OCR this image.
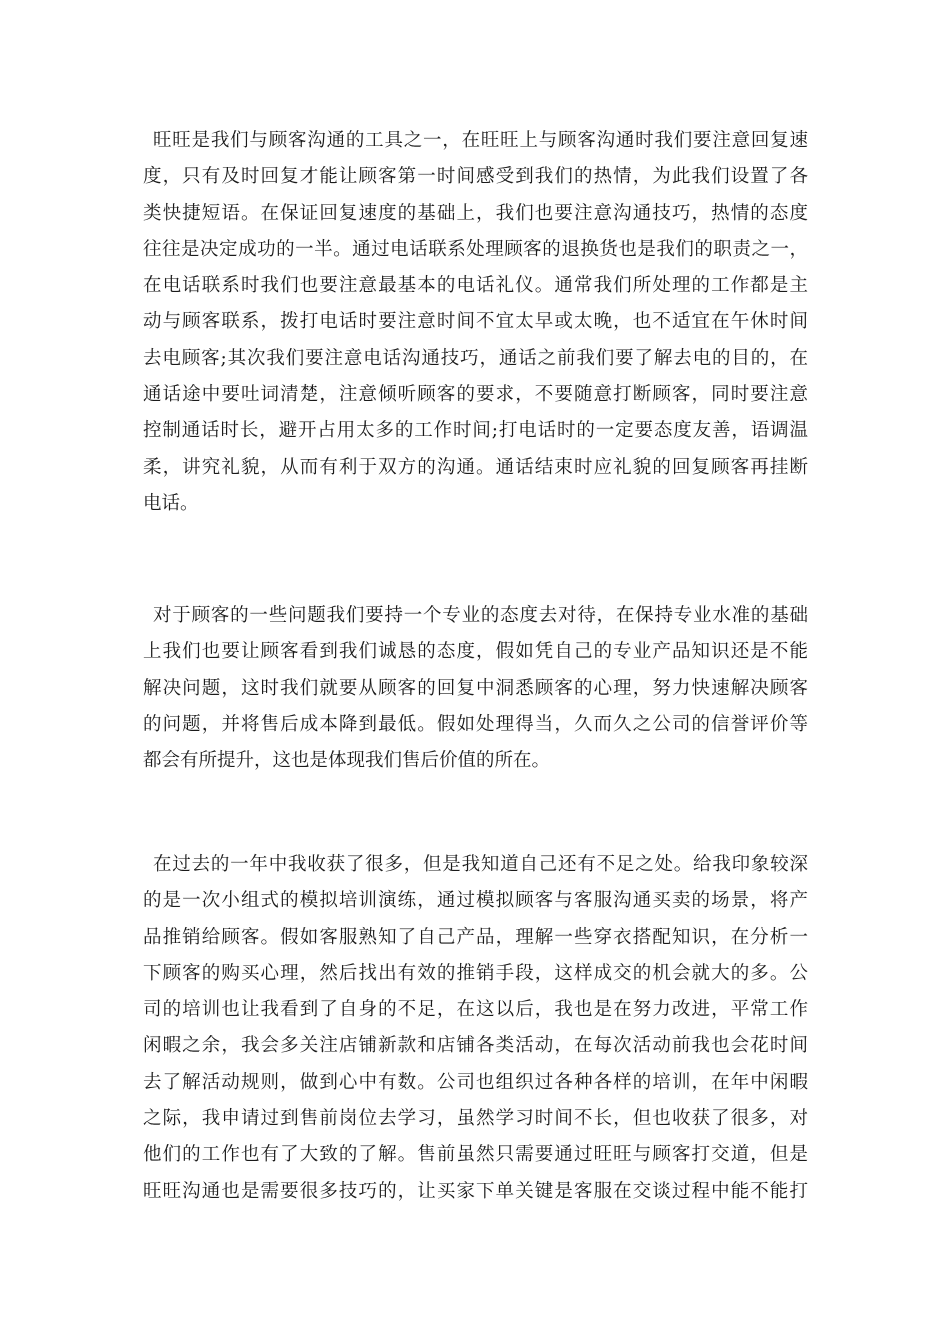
旺旺是我们与顾客沟通的工具之一，在旺旺上与顾客沟通时我们要注意回复速
度，只有及时回复才能让顾客第一时间感受到我们的热情，为此我们设置了各
类快捷短语。在保证回复速度的基础上，我们也要注意沟通技巧，热情的态度
往往是决定成功的一半。通过电话联系处理顾客的退换货也是我们的职责之一，
在电话联系时我们也要注意最基本的电话礼仪。通常我们所处理的工作都是主
动与顾客联系，拨打电话时要注意时间不宜太早或太晚，也不适宜在午休时间
去电顾客;其次我们要注意电话沟通技巧，通话之前我们要了解去电的目的，在
通话途中要吐词清楚，注意倾听顾客的要求，不要随意打断顾客，同时要注意
控制通话时长，避开占用太多的工作时间;打电话时的一定要态度友善，语调温
柔，讲究礼貌，从而有利于双方的沟通。通话结束时应礼貌的回复顾客再挂断
电话。

对于顾客的一些问题我们要持一个专业的态度去对待，在保持专业水准的基础
上我们也要让顾客看到我们诚恳的态度，假如凭自己的专业产品知识还是不能
解决问题，这时我们就要从顾客的回复中洞悉顾客的心理，努力快速解决顾客
的问题，并将售后成本降到最低。假如处理得当，久而久之公司的信誉评价等
都会有所提升，这也是体现我们售后价值的所在。

在过去的一年中我收获了很多，但是我知道自己还有不足之处。给我印象较深
的是一次小组式的模拟培训演练，通过模拟顾客与客服沟通买卖的场景，将产
品推销给顾客。假如客服熟知了自己产品，理解一些穿衣搭配知识，在分析一
下顾客的购买心理，然后找出有效的推销手段，这样成交的机会就大的多。公
司的培训也让我看到了自身的不足，在这以后，我也是在努力改进，平常工作
闲暇之余，我会多关注店铺新款和店铺各类活动，在每次活动前我也会花时间
去了解活动规则，做到心中有数。公司也组织过各种各样的培训，在年中闲暇
之际，我申请过到售前岗位去学习，虽然学习时间不长，但也收获了很多，对
他们的工作也有了大致的了解。售前虽然只需要通过旺旺与顾客打交道，但是
旺旺沟通也是需要很多技巧的，让买家下单关键是客服在交谈过程中能不能打
